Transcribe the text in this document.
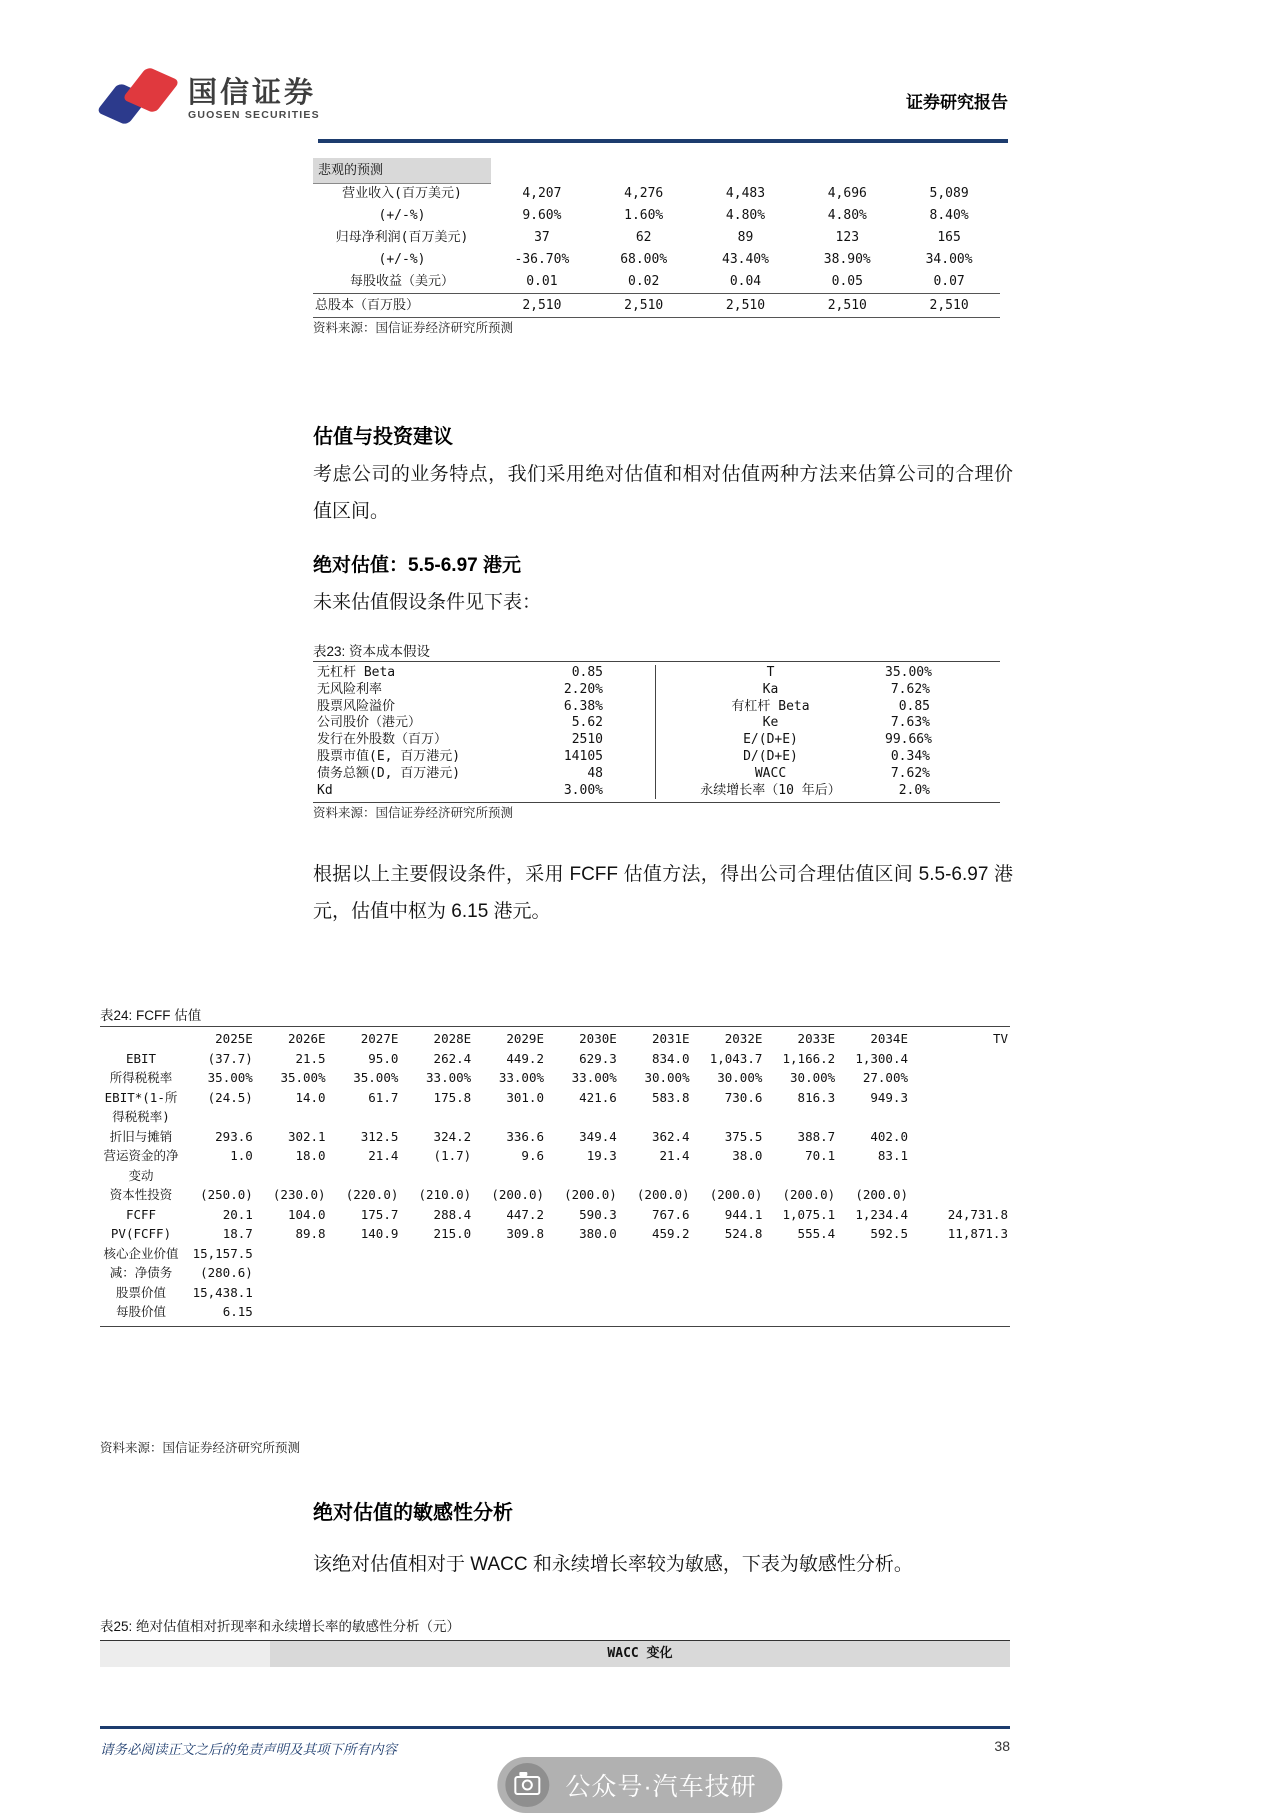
国信证券
GUOSEN SECURITIES
证券研究报告
悲观的预测
营业收入(百万美元)	4,207	4,276	4,483	4,696	5,089
(+/-%)	9.60%	1.60%	4.80%	4.80%	8.40%
归母净利润(百万美元)	37	62	89	123	165
(+/-%)	-36.70%	68.00%	43.40%	38.90%	34.00%
每股收益（美元）	0.01	0.02	0.04	0.05	0.07
总股本（百万股）	2,510	2,510	2,510	2,510	2,510
资料来源：国信证券经济研究所预测
估值与投资建议
考虑公司的业务特点，我们采用绝对估值和相对估值两种方法来估算公司的合理价值区间。
绝对估值：5.5-6.97 港元
未来估值假设条件见下表：
表23: 资本成本假设
无杠杆 Beta	0.85	T	35.00%
无风险利率	2.20%	Ka	7.62%
股票风险溢价	6.38%	有杠杆 Beta	0.85
公司股价（港元）	5.62	Ke	7.63%
发行在外股数（百万）	2510	E/(D+E)	99.66%
股票市值(E, 百万港元)	14105	D/(D+E)	0.34%
债务总额(D, 百万港元)	48	WACC	7.62%
Kd	3.00%	永续增长率（10 年后）	2.0%
资料来源：国信证券经济研究所预测
根据以上主要假设条件，采用 FCFF 估值方法，得出公司合理估值区间 5.5-6.97 港元，估值中枢为 6.15 港元。
表24: FCFF 估值
2025E	2026E	2027E	2028E	2029E	2030E	2031E	2032E	2033E	2034E	TV
EBIT	(37.7)	21.5	95.0	262.4	449.2	629.3	834.0	1,043.7	1,166.2	1,300.4
所得税税率	35.00%	35.00%	35.00%	33.00%	33.00%	33.00%	30.00%	30.00%	30.00%	27.00%
EBIT*(1-所得税税率)
(24.5)	14.0	61.7	175.8	301.0	421.6	583.8	730.6	816.3	949.3
折旧与摊销	293.6	302.1	312.5	324.2	336.6	349.4	362.4	375.5	388.7	402.0
营运资金的净变动
1.0	18.0	21.4	(1.7)	9.6	19.3	21.4	38.0	70.1	83.1
资本性投资	(250.0)	(230.0)	(220.0)	(210.0)	(200.0)	(200.0)	(200.0)	(200.0)	(200.0)	(200.0)
FCFF	20.1	104.0	175.7	288.4	447.2	590.3	767.6	944.1	1,075.1	1,234.4	24,731.8
PV(FCFF)	18.7	89.8	140.9	215.0	309.8	380.0	459.2	524.8	555.4	592.5	11,871.3
核心企业价值	15,157.5
减：净债务	(280.6)
股票价值	15,438.1
每股价值	6.15
资料来源：国信证券经济研究所预测
绝对估值的敏感性分析
该绝对估值相对于 WACC 和永续增长率较为敏感，下表为敏感性分析。
表25: 绝对估值相对折现率和永续增长率的敏感性分析（元）
WACC 变化
请务必阅读正文之后的免责声明及其项下所有内容	38
公众号·汽车技研
